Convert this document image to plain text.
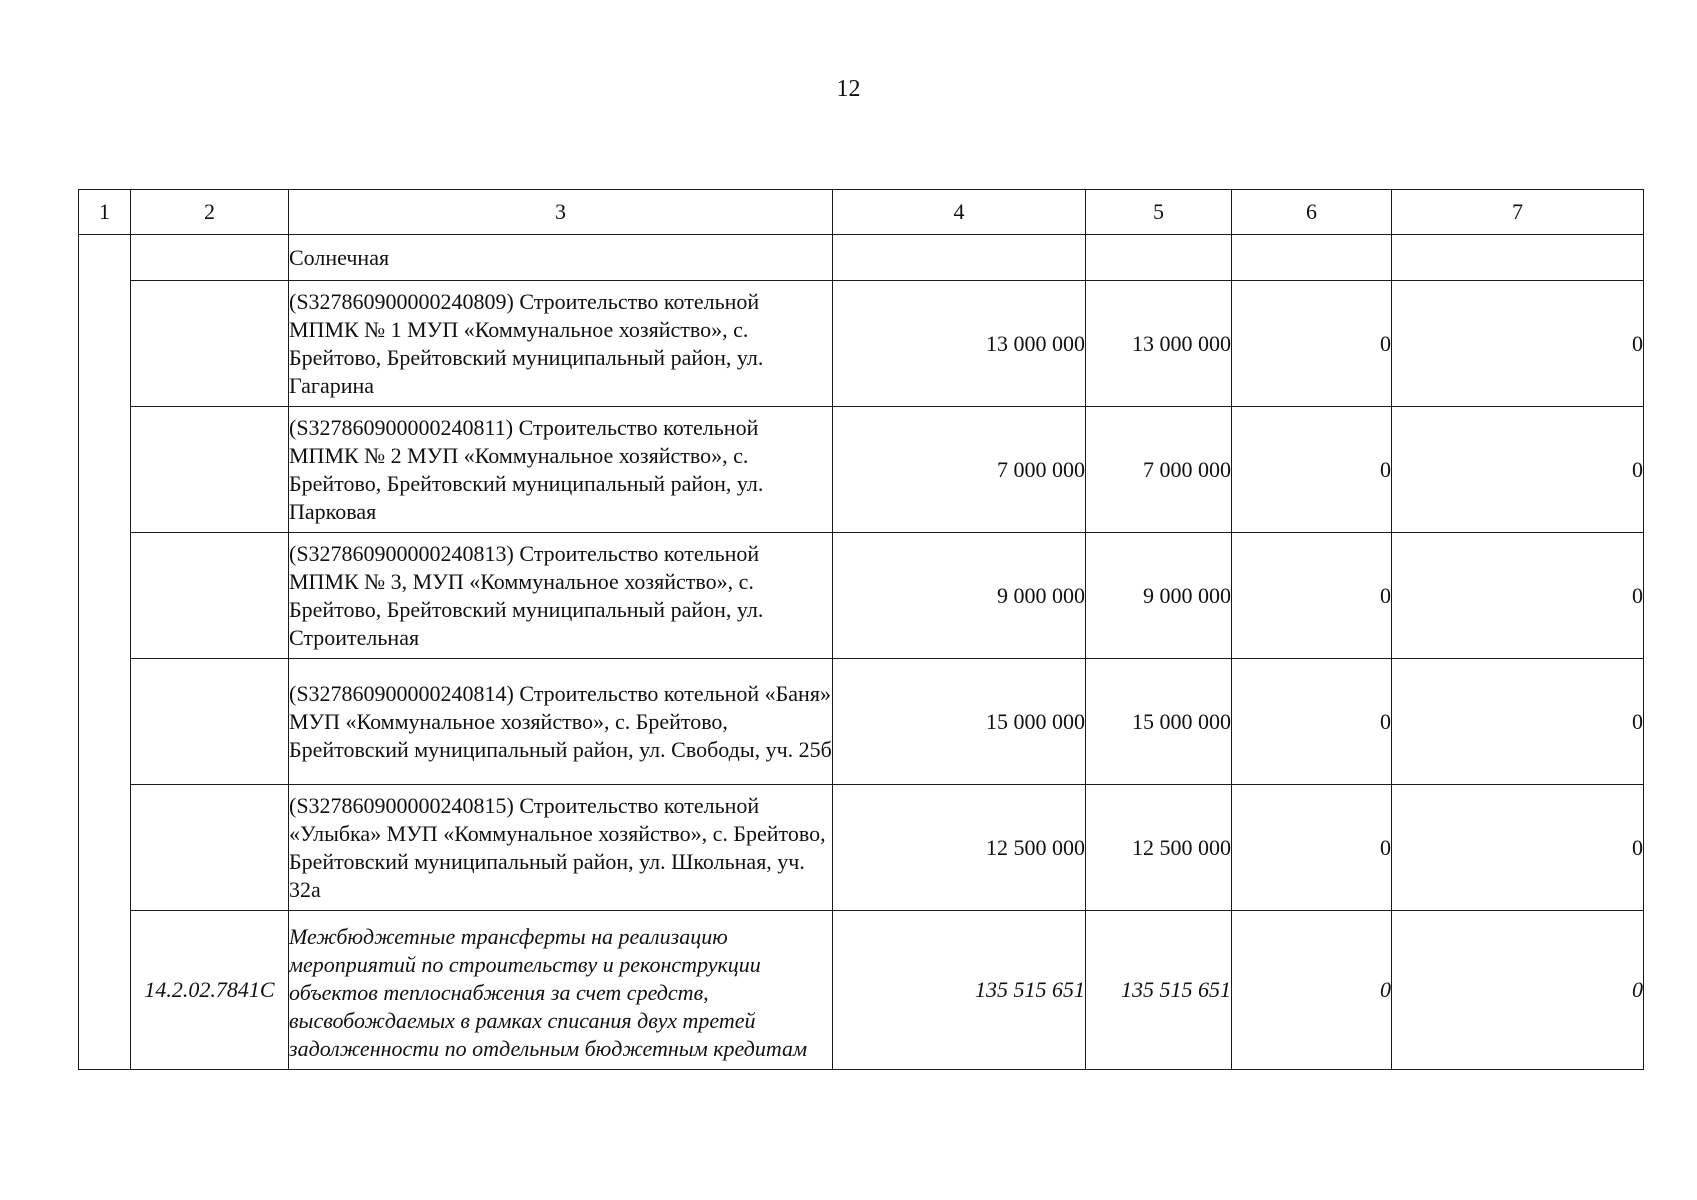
12
1	2	3	4	5	6	7
		Солнечная				
		(S327860900000240809) Строительство котельной МПМК № 1 МУП «Коммунальное хозяйство», с. Брейтово, Брейтовский муниципальный район, ул. Гагарина	13 000 000	13 000 000	0	0
		(S327860900000240811) Строительство котельной МПМК № 2 МУП «Коммунальное хозяйство», с. Брейтово, Брейтовский муниципальный район, ул. Парковая	7 000 000	7 000 000	0	0
		(S327860900000240813) Строительство котельной МПМК № 3, МУП «Коммунальное хозяйство», с. Брейтово, Брейтовский муниципальный район, ул. Строительная	9 000 000	9 000 000	0	0
		(S327860900000240814) Строительство котельной «Баня» МУП «Коммунальное хозяйство», с. Брейтово, Брейтовский муниципальный район, ул. Свободы, уч. 25б	15 000 000	15 000 000	0	0
		(S327860900000240815) Строительство котельной «Улыбка» МУП «Коммунальное хозяйство», с. Брейтово, Брейтовский муниципальный район, ул. Школьная, уч. 32а	12 500 000	12 500 000	0	0
	14.2.02.7841С	Межбюджетные трансферты на реализацию мероприятий по строительству и реконструкции объектов теплоснабжения за счет средств, высвобождаемых в рамках списания двух третей задолженности по отдельным бюджетным кредитам	135 515 651	135 515 651	0	0
